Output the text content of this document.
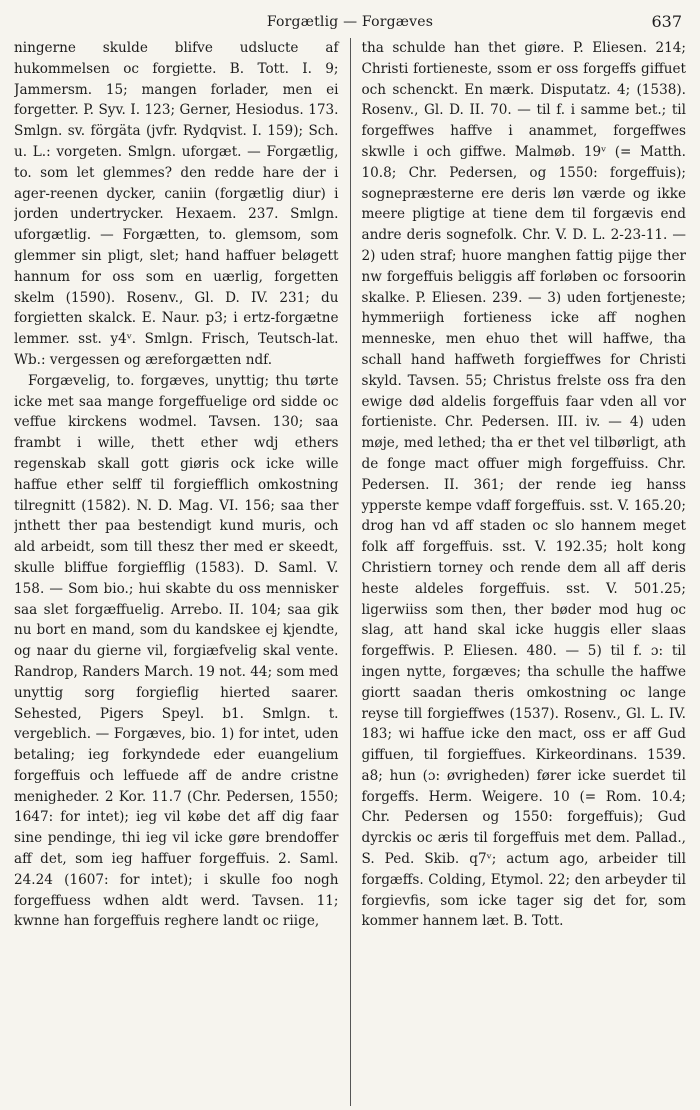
Forgætlig — Forgæves	637

ningerne skulde blifve udslucte af hukommelsen oc forgiette. B. Tott. I. 9; Jammersm. 15; mangen forlader, men ei forgetter. P. Syv. I. 123; Gerner, Hesiodus. 173. Smlgn. sv. förgäta (jvfr. Rydqvist. I. 159); Sch. u. L.: vorgeten. Smlgn. uforgæt. — Forgætlig, to. som let glemmes? den redde hare der i ager-reenen dycker, caniin (forgætlig diur) i jorden undertrycker. Hexaem. 237. Smlgn. uforgætlig. — Forgætten, to. glemsom, som glemmer sin pligt, slet; hand haffuer beløgett hannum for oss som en uærlig, forgetten skelm (1590). Rosenv., Gl. D. IV. 231; du forgietten skalck. E. Naur. p3; i ertz-forgætne lemmer. sst. y4ᵛ. Smlgn. Frisch, Teutsch-lat. Wb.: vergessen og æreforgætten ndf.

Forgævelig, to. forgæves, unyttig; thu tørte icke met saa mange forgeffuelige ord sidde oc veffue kirckens wodmel. Tavsen. 130; saa frambt i wille, thett ether wdj ethers regenskab skall gott giøris ock icke wille haffue ether selff til forgiefflich omkostning tilregnitt (1582). N. D. Mag. VI. 156; saa ther jnthett ther paa bestendigt kund muris, och ald arbeidt, som till thesz ther med er skeedt, skulle bliffue forgiefflig (1583). D. Saml. V. 158. — Som bio.; hui skabte du oss mennisker saa slet forgæffuelig. Arrebo. II. 104; saa gik nu bort en mand, som du kandskee ej kjendte, og naar du gierne vil, forgiæfvelig skal vente. Randrop, Randers March. 19 not. 44; som med unyttig sorg forgieflig hierted saarer. Sehested, Pigers Speyl. b1. Smlgn. t. vergeblich. — Forgæves, bio. 1) for intet, uden betaling; ieg forkyndede eder euangelium forgeffuis och leffuede aff de andre cristne menigheder. 2 Kor. 11.7 (Chr. Pedersen, 1550; 1647: for intet); ieg vil købe det aff dig faar sine pendinge, thi ieg vil icke gøre brendoffer aff det, som ieg haffuer forgeffuis. 2. Saml. 24.24 (1607: for intet); i skulle foo nogh forgeffuess wdhen aldt werd. Tavsen. 11; kwnne han forgeffuis reghere landt oc riige,

tha schulde han thet giøre. P. Eliesen. 214; Christi fortieneste, ssom er oss forgeffs giffuet och schenckt. En mærk. Disputatz. 4; (1538). Rosenv., Gl. D. II. 70. — til f. i samme bet.; til forgeffwes haffve i anammet, forgeffwes skwlle i och giffwe. Malmøb. 19ᵛ (= Matth. 10.8; Chr. Pedersen, og 1550: forgeffuis); sognepræsterne ere deris løn værde og ikke meere pligtige at tiene dem til forgævis end andre deris sognefolk. Chr. V. D. L. 2-23-11. — 2) uden straf; huore manghen fattig pijge ther nw forgeffuis beliggis aff forløben oc forsoorin skalke. P. Eliesen. 239. — 3) uden fortjeneste; hymmeriigh fortieness icke aff noghen menneske, men ehuo thet will haffwe, tha schall hand haffweth forgieffwes for Christi skyld. Tavsen. 55; Christus frelste oss fra den ewige død aldelis forgeffuis faar vden all vor fortieniste. Chr. Pedersen. III. iv. — 4) uden møje, med lethed; tha er thet vel tilbørligt, ath de fonge mact offuer migh forgeffuiss. Chr. Pedersen. II. 361; der rende ieg hanss ypperste kempe vdaff forgeffuis. sst. V. 165.20; drog han vd aff staden oc slo hannem meget folk aff forgeffuis. sst. V. 192.35; holt kong Christiern torney och rende dem all aff deris heste aldeles forgeffuis. sst. V. 501.25; ligerwiiss som then, ther bøder mod hug oc slag, att hand skal icke huggis eller slaas forgeffwis. P. Eliesen. 480. — 5) til f. ɔ: til ingen nytte, forgæves; tha schulle the haffwe giortt saadan theris omkostning oc lange reyse till forgieffwes (1537). Rosenv., Gl. L. IV. 183; wi haffue icke den mact, oss er aff Gud giffuen, til forgieffues. Kirkeordinans. 1539. a8; hun (ɔ: øvrigheden) fører icke suerdet til forgeffs. Herm. Weigere. 10 (= Rom. 10.4; Chr. Pedersen og 1550: forgeffuis); Gud dyrckis oc æris til forgeffuis met dem. Pallad., S. Ped. Skib. q7ᵛ; actum ago, arbeider till forgæffs. Colding, Etymol. 22; den arbeyder til forgievfis, som icke tager sig det for, som kommer hannem læt. B. Tott.
